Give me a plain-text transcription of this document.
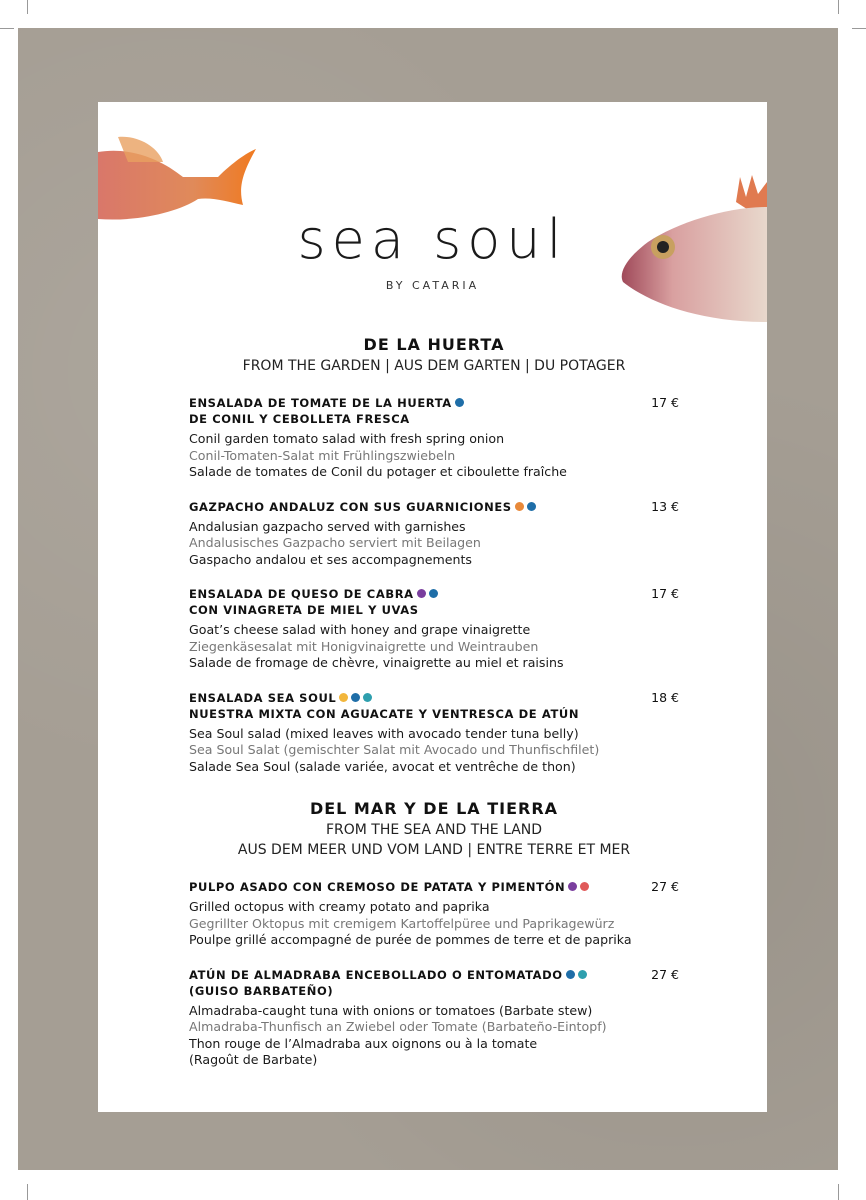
sea soul
BY CATARIA
DE LA HUERTA
FROM THE GARDEN | AUS DEM GARTEN | DU POTAGER
ENSALADA DE TOMATE DE LA HUERTA
DE CONIL Y CEBOLLETA FRESCA
17 €
Conil garden tomato salad with fresh spring onion
Conil-Tomaten-Salat mit Frühlingszwiebeln
Salade de tomates de Conil du potager et ciboulette fraîche
GAZPACHO ANDALUZ CON SUS GUARNICIONES	13 €
Andalusian gazpacho served with garnishes
Andalusisches Gazpacho serviert mit Beilagen
Gaspacho andalou et ses accompagnements
ENSALADA DE QUESO DE CABRA
CON VINAGRETA DE MIEL Y UVAS
17 €
Goat’s cheese salad with honey and grape vinaigrette
Ziegenkäsesalat mit Honigvinaigrette und Weintrauben
Salade de fromage de chèvre, vinaigrette au miel et raisins
ENSALADA SEA SOUL
NUESTRA MIXTA CON AGUACATE Y VENTRESCA DE ATÚN
18 €
Sea Soul salad (mixed leaves with avocado tender tuna belly)
Sea Soul Salat (gemischter Salat mit Avocado und Thunfischfilet)
Salade Sea Soul (salade variée, avocat et ventrêche de thon)
DEL MAR Y DE LA TIERRA
FROM THE SEA AND THE LAND
AUS DEM MEER UND VOM LAND | ENTRE TERRE ET MER
PULPO ASADO CON CREMOSO DE PATATA Y PIMENTÓN	27 €
Grilled octopus with creamy potato and paprika
Gegrillter Oktopus mit cremigem Kartoffelpüree und Paprikagewürz
Poulpe grillé accompagné de purée de pommes de terre et de paprika
ATÚN DE ALMADRABA ENCEBOLLADO O ENTOMATADO
(GUISO BARBATEÑO)
27 €
Almadraba-caught tuna with onions or tomatoes (Barbate stew)
Almadraba-Thunfisch an Zwiebel oder Tomate (Barbateño-Eintopf)
Thon rouge de l’Almadraba aux oignons ou à la tomate
(Ragoût de Barbate)
